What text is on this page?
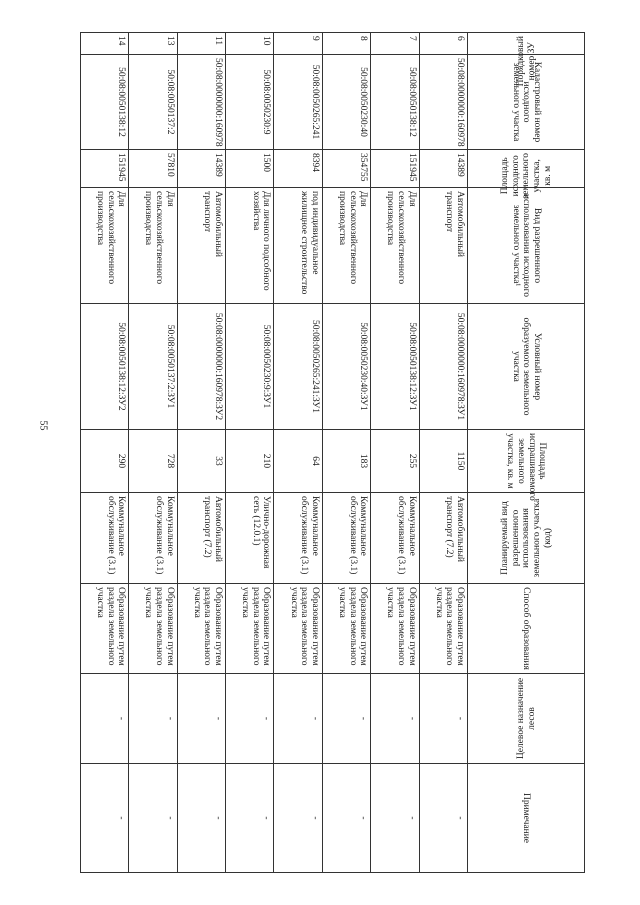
55
Порядковый номер ЗУ	Кадастровый номер исходного земельного участка	Площадь исходного земельного участка, кв. м	Вид разрешенного использования исходного земельного участка¹	Условный номер образуемого земельного участка	Площадь испрашиваемого земельного участка, кв. м	Планируемый вид разрешенного использования земельного участка (код)	Способ образования	Целевое назначение лесов	Примечание
6	50:08:0000000:160978	14389	Автомобильный транспорт	50:08:0000000:160978:ЗУ1	1150	Автомобильный транспорт (7.2)	Образование путем раздела земельного участка	-	-
7	50:08:0050138:12	151945	Для сельскохозяйственного производства	50:08:0050138:12:ЗУ1	255	Коммунальное обслуживание (3.1)	Образование путем раздела земельного участка	-	-
8	50:08:0050230:40	354755	Для сельскохозяйственного производства	50:08:0050230:40:ЗУ1	183	Коммунальное обслуживание (3.1)	Образование путем раздела земельного участка	-	-
9	50:08:0050265:241	8394	под индивидуальное жилищное строительство	50:08:0050265:241:ЗУ1	64	Коммунальное обслуживание (3.1)	Образование путем раздела земельного участка	-	-
10	50:08:0050230:9	1500	Для личного подсобного хозяйства	50:08:0050230:9:ЗУ1	210	Улично-дорожная сеть (12.0.1)	Образование путем раздела земельного участка	-	-
11	50:08:0000000:160978	14389	Автомобильный транспорт	50:08:0000000:160978:ЗУ2	33	Автомобильный транспорт (7.2)	Образование путем раздела земельного участка	-	-
13	50:08:0050137:2	57810	Для сельскохозяйственного производства	50:08:0050137:2:ЗУ1	728	Коммунальное обслуживание (3.1)	Образование путем раздела земельного участка	-	-
14	50:08:0050138:12	151945	Для сельскохозяйственного производства	50:08:0050138:12:ЗУ2	290	Коммунальное обслуживание (3.1)	Образование путем раздела земельного участка	-	-
